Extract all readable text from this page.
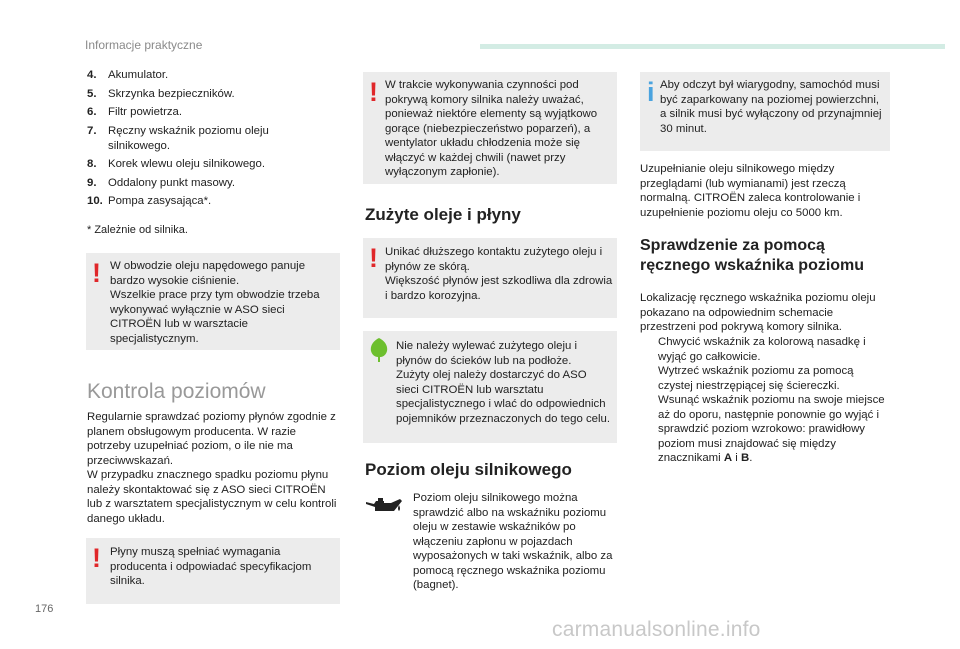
Informacje praktyczne
4.	Akumulator.
5.	Skrzynka bezpieczników.
6.	Filtr powietrza.
7.	Ręczny wskaźnik poziomu oleju silnikowego.
8.	Korek wlewu oleju silnikowego.
9.	Oddalony punkt masowy.
10. Pompa zasysająca*.
* Zależnie od silnika.
! W obwodzie oleju napędowego panuje bardzo wysokie ciśnienie.
Wszelkie prace przy tym obwodzie trzeba wykonywać wyłącznie w ASO sieci CITROËN lub w warsztacie specjalistycznym.
Kontrola poziomów
Regularnie sprawdzać poziomy płynów zgodnie z planem obsługowym producenta. W razie potrzeby uzupełniać poziom, o ile nie ma przeciwwskazań.
W przypadku znacznego spadku poziomu płynu należy skontaktować się z ASO sieci CITROËN lub z warsztatem specjalistycznym w celu kontroli danego układu.
! Płyny muszą spełniać wymagania producenta i odpowiadać specyfikacjom silnika.
! W trakcie wykonywania czynności pod pokrywą komory silnika należy uważać, ponieważ niektóre elementy są wyjątkowo gorące (niebezpieczeństwo poparzeń), a wentylator układu chłodzenia może się włączyć w każdej chwili (nawet przy wyłączonym zapłonie).
Zużyte oleje i płyny
! Unikać dłuższego kontaktu zużytego oleju i płynów ze skórą.
Większość płynów jest szkodliwa dla zdrowia i bardzo korozyjna.
Nie należy wylewać zużytego oleju i płynów do ścieków lub na podłoże.
Zużyty olej należy dostarczyć do ASO sieci CITROËN lub warsztatu specjalistycznego i wlać do odpowiednich pojemników przeznaczonych do tego celu.
Poziom oleju silnikowego
Poziom oleju silnikowego można sprawdzić albo na wskaźniku poziomu oleju w zestawie wskaźników po włączeniu zapłonu w pojazdach wyposażonych w taki wskaźnik, albo za pomocą ręcznego wskaźnika poziomu (bagnet).
i Aby odczyt był wiarygodny, samochód musi być zaparkowany na poziomej powierzchni, a silnik musi być wyłączony od przynajmniej 30 minut.
Uzupełnianie oleju silnikowego między przeglądami (lub wymianami) jest rzeczą normalną. CITROËN zaleca kontrolowanie i uzupełnienie poziomu oleju co 5000 km.
Sprawdzenie za pomocą ręcznego wskaźnika poziomu
Lokalizację ręcznego wskaźnika poziomu oleju pokazano na odpowiednim schemacie przestrzeni pod pokrywą komory silnika.
Chwycić wskaźnik za kolorową nasadkę i wyjąć go całkowicie.
Wytrzeć wskaźnik poziomu za pomocą czystej niestrzępiącej się ściereczki.
Wsunąć wskaźnik poziomu na swoje miejsce aż do oporu, następnie ponownie go wyjąć i sprawdzić poziom wzrokowo: prawidłowy poziom musi znajdować się między znacznikami A i B.
176
carmanualsonline.info
